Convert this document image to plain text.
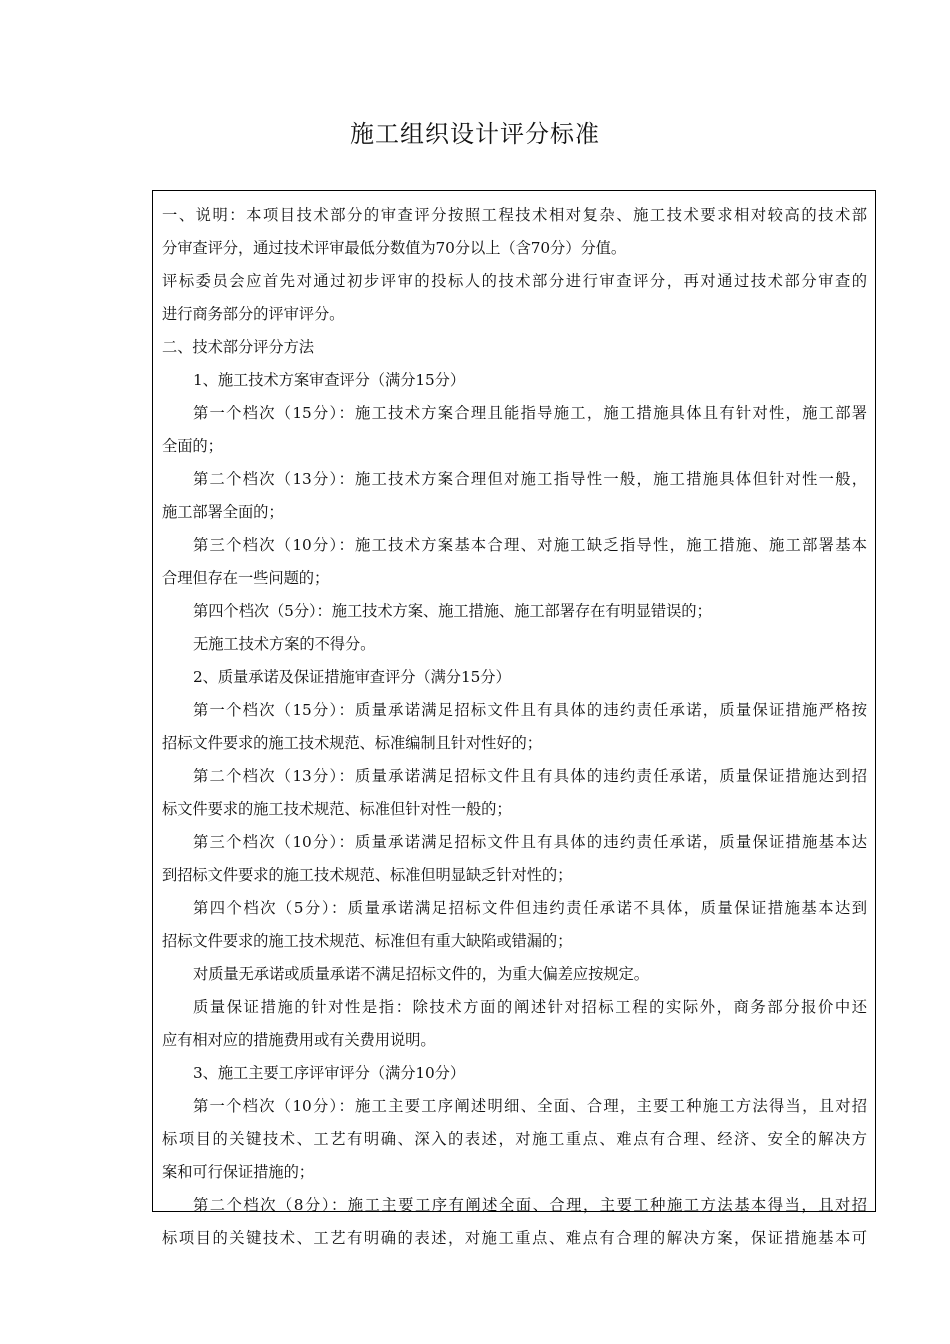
施工组织设计评分标准

一、说明：本项目技术部分的审查评分按照工程技术相对复杂、施工技术要求相对较高的技术部

分审查评分，通过技术评审最低分数值为70分以上（含70分）分值。

评标委员会应首先对通过初步评审的投标人的技术部分进行审查评分，再对通过技术部分审查的

进行商务部分的评审评分。

二、技术部分评分方法

1、施工技术方案审查评分（满分15分）

第一个档次（15分）：施工技术方案合理且能指导施工，施工措施具体且有针对性，施工部署

全面的；

第二个档次（13分）：施工技术方案合理但对施工指导性一般，施工措施具体但针对性一般，

施工部署全面的；

第三个档次（10分）：施工技术方案基本合理、对施工缺乏指导性，施工措施、施工部署基本

合理但存在一些问题的；

第四个档次（5分）：施工技术方案、施工措施、施工部署存在有明显错误的；

无施工技术方案的不得分。

2、质量承诺及保证措施审查评分（满分15分）

第一个档次（15分）：质量承诺满足招标文件且有具体的违约责任承诺，质量保证措施严格按

招标文件要求的施工技术规范、标准编制且针对性好的；

第二个档次（13分）：质量承诺满足招标文件且有具体的违约责任承诺，质量保证措施达到招

标文件要求的施工技术规范、标准但针对性一般的；

第三个档次（10分）：质量承诺满足招标文件且有具体的违约责任承诺，质量保证措施基本达

到招标文件要求的施工技术规范、标准但明显缺乏针对性的；

第四个档次（5分）：质量承诺满足招标文件但违约责任承诺不具体，质量保证措施基本达到

招标文件要求的施工技术规范、标准但有重大缺陷或错漏的；

对质量无承诺或质量承诺不满足招标文件的，为重大偏差应按规定。

质量保证措施的针对性是指：除技术方面的阐述针对招标工程的实际外，商务部分报价中还

应有相对应的措施费用或有关费用说明。

3、施工主要工序评审评分（满分10分）

第一个档次（10分）：施工主要工序阐述明细、全面、合理，主要工种施工方法得当，且对招

标项目的关键技术、工艺有明确、深入的表述，对施工重点、难点有合理、经济、安全的解决方

案和可行保证措施的；

第二个档次（8分）：施工主要工序有阐述全面、合理，主要工种施工方法基本得当，且对招

标项目的关键技术、工艺有明确的表述，对施工重点、难点有合理的解决方案，保证措施基本可
